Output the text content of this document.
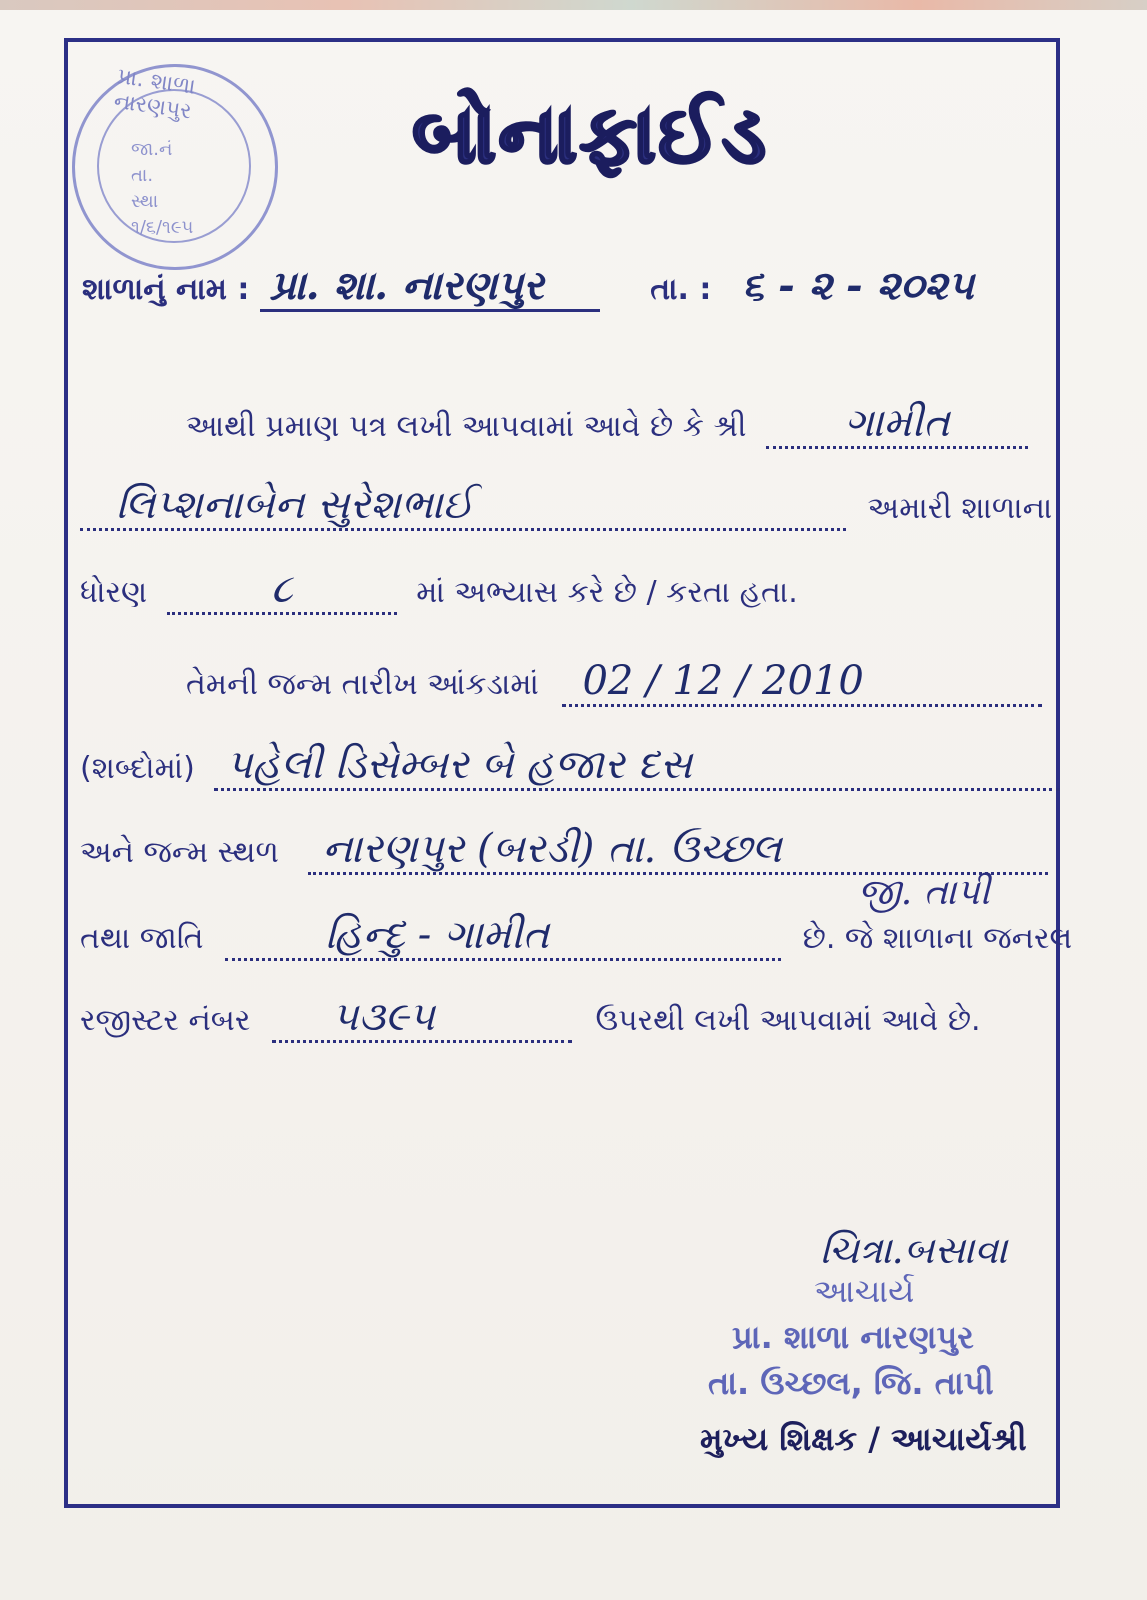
પ્રા. શાળા નારણપુર
જા.નં
તા.
સ્થા
૧/૬/૧૯૫
બોનાફાઈડ
શાળાનું નામ : પ્રા. શા. નારણપુર	તા. : ૬ - ૨ - ૨૦૨૫
આથી પ્રમાણ પત્ર લખી આપવામાં આવે છે કે શ્રી ગામીત
લિપ્શનાબેન સુરેશભાઈ	અમારી શાળાના
ધોરણ	૮	માં અભ્યાસ કરે છે / કરતા હતા.
તેમની જન્મ તારીખ આંકડામાં 02 / 12 / 2010
(શબ્દોમાં) પહેલી ડિસેમ્બર બે હજાર દસ
અને જન્મ સ્થળ નારણપુર (બરડી) તા. ઉચ્છલ
તથા જાતિ	હિન્દુ - ગામીત	છે. જે શાળાના જનરલ
જી. તાપી
રજીસ્ટર નંબર ૫૩૯૫	ઉપરથી લખી આપવામાં આવે છે.
ચિત્રા.બસાવા
આચાર્ય
પ્રા. શાળા નારણપુર
તા. ઉચ્છલ, જિ. તાપી
મુખ્ય શિક્ષક / આચાર્યશ્રી
